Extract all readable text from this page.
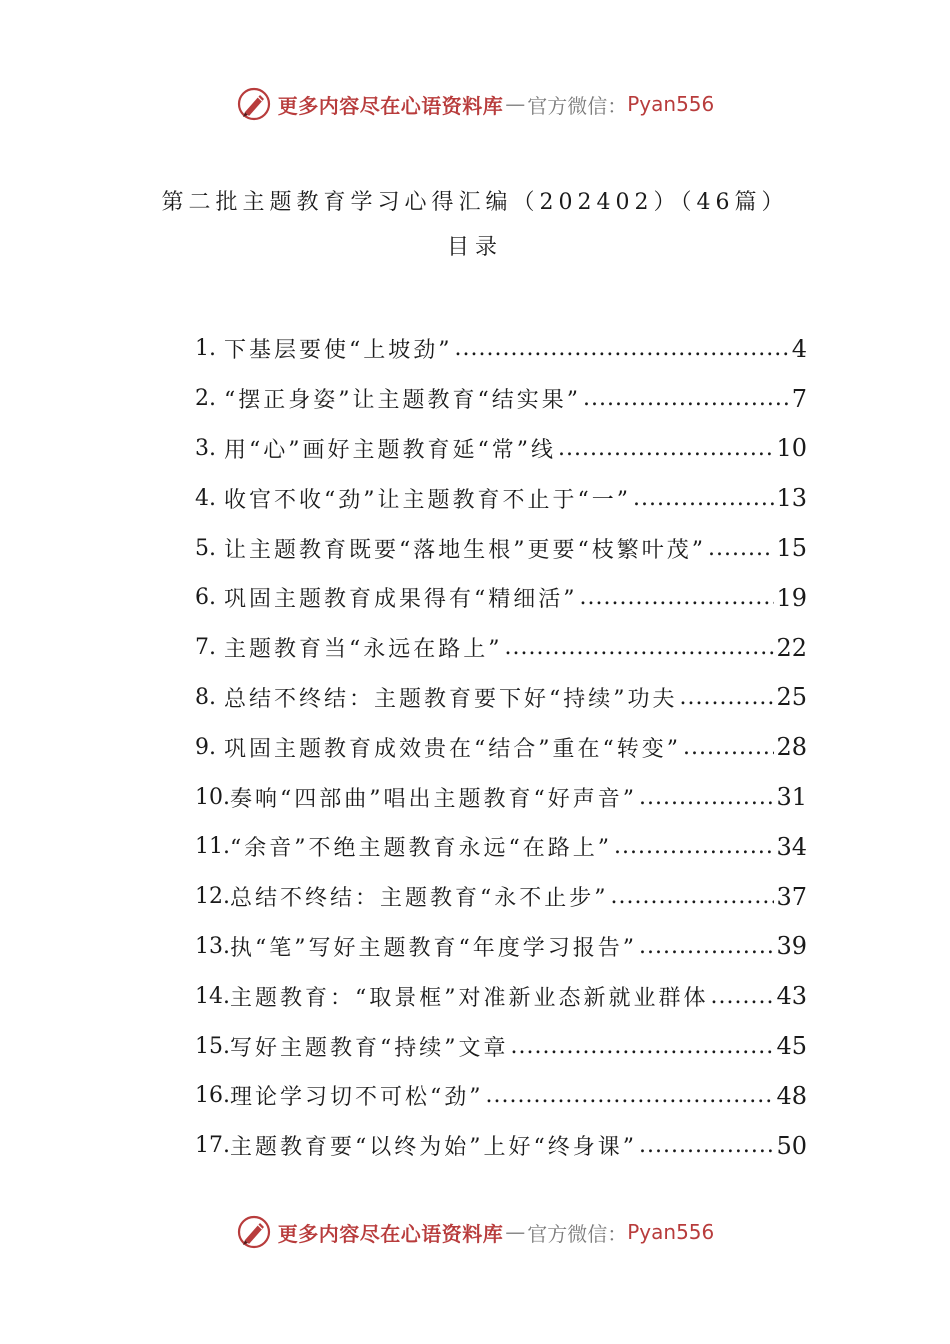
更多内容尽在心语资料库 — 官方微信： Pyan556
第二批主题教育学习心得汇编（202402）（46篇）
目录
1. 下基层要使“上坡劲” .....	4
2. “摆正身姿”让主题教育“结实果” .....	7
3. 用“心”画好主题教育延“常”线 .....	10
4. 收官不收“劲”让主题教育不止于“一” .....	13
5. 让主题教育既要“落地生根”更要“枝繁叶茂” .....	15
6. 巩固主题教育成果得有“精细活” .....	19
7. 主题教育当“永远在路上” .....	22
8. 总结不终结：主题教育要下好“持续”功夫 .....	25
9. 巩固主题教育成效贵在“结合”重在“转变” .....	28
10. 奏响“四部曲”唱出主题教育“好声音” .....	31
11. “余音”不绝主题教育永远“在路上” .....	34
12. 总结不终结：主题教育“永不止步” .....	37
13. 执“笔”写好主题教育“年度学习报告” .....	39
14. 主题教育：“取景框”对准新业态新就业群体 .....	43
15. 写好主题教育“持续”文章 .....	45
16. 理论学习切不可松“劲” .....	48
17. 主题教育要“以终为始”上好“终身课” .....	50
更多内容尽在心语资料库 — 官方微信： Pyan556
